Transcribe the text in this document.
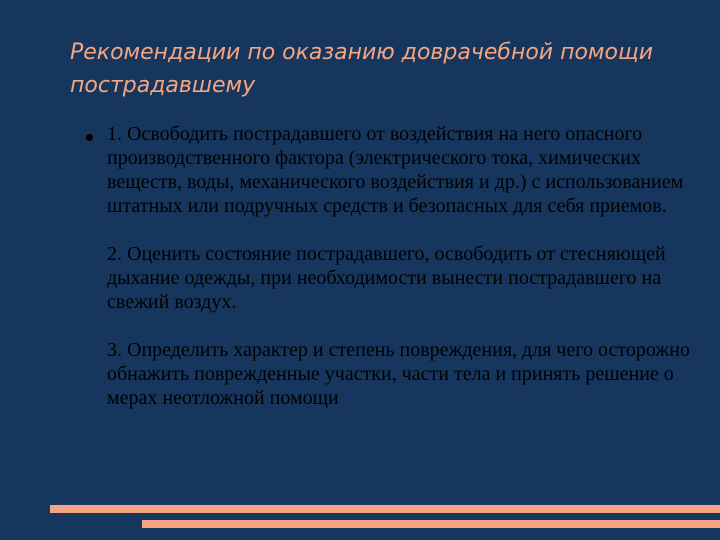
Рекомендации по оказанию доврачебной помощи пострадавшему

1. Освободить пострадавшего от воздействия на него опасного производственного фактора (электрического тока, химических веществ, воды, механического воздействия и др.) с использованием штатных или подручных средств и безопасных для себя приемов.

2. Оценить состояние пострадавшего, освободить от стесняющей дыхание одежды, при необходимости вынести пострадавшего на свежий воздух.

3. Определить характер и степень повреждения, для чего осторожно обнажить поврежденные участки, части тела и принять решение о мерах неотложной помощи
